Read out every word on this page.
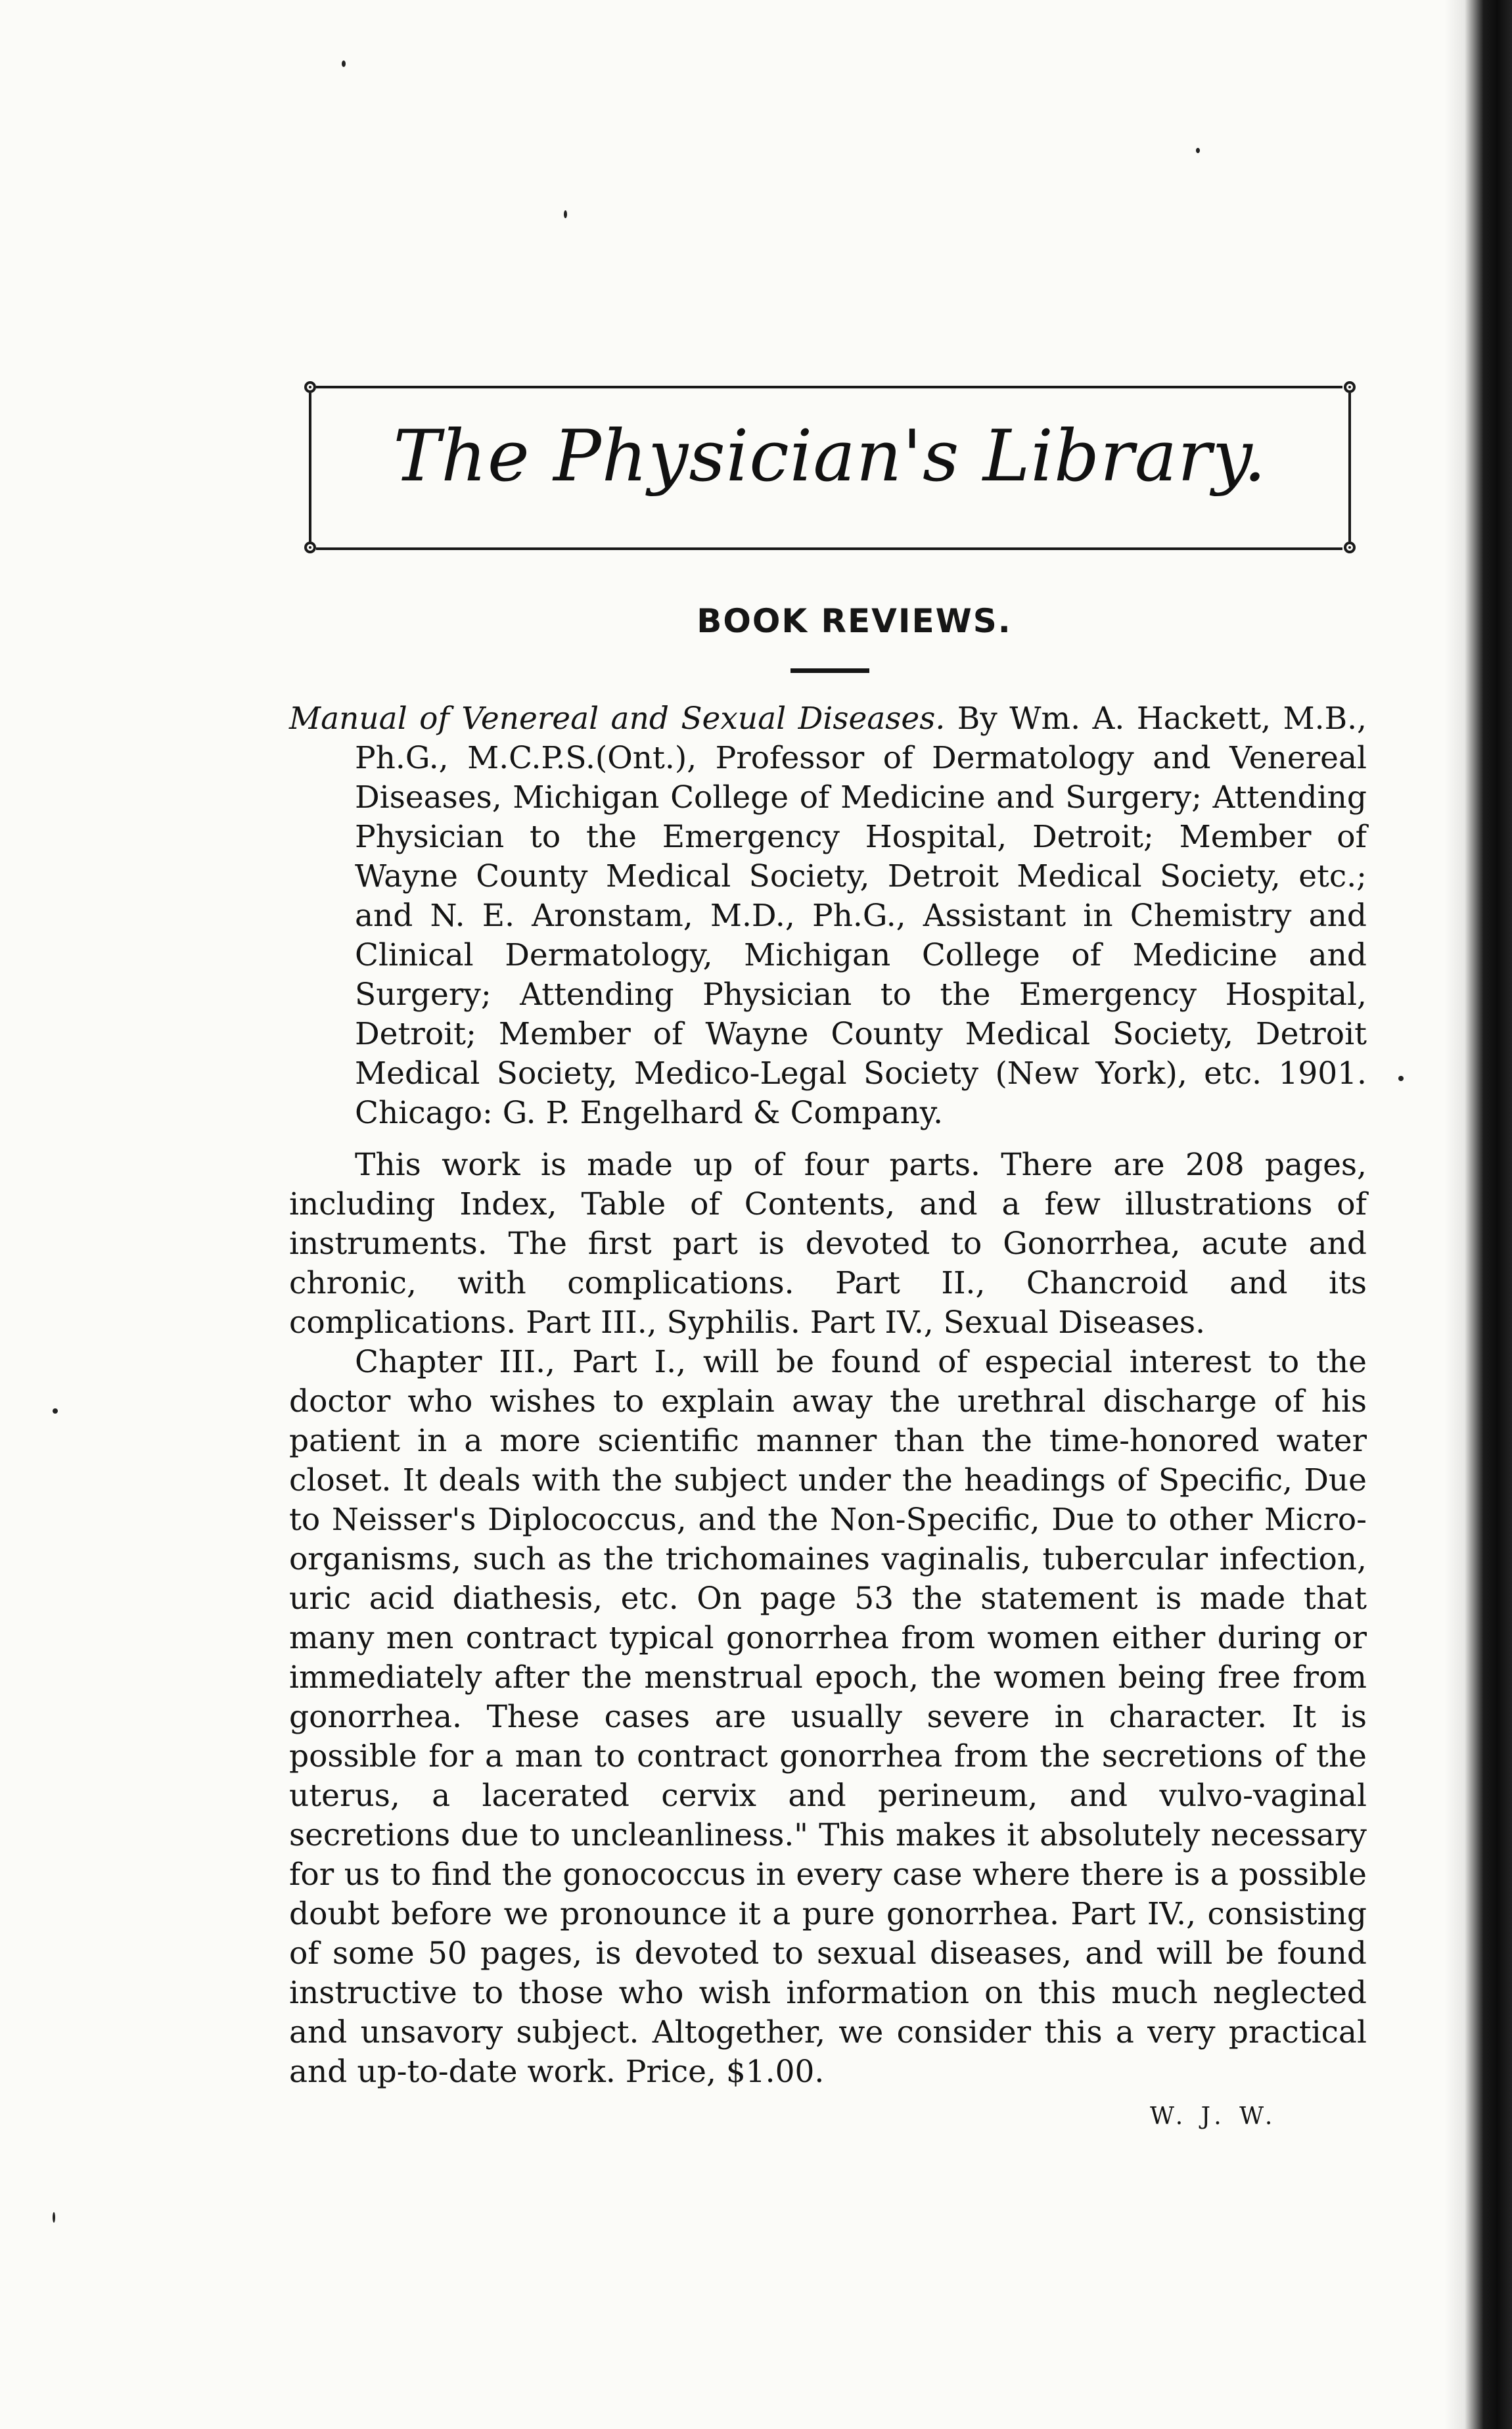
The Physician's Library.
BOOK REVIEWS.
Manual of Venereal and Sexual Diseases. By Wm. A. Hackett, M.B., Ph.G., M.C.P.S.(Ont.), Professor of Dermatology and Venereal Diseases, Michigan College of Medicine and Surgery; Attending Physician to the Emergency Hospital, Detroit; Member of Wayne County Medical Society, Detroit Medical Society, etc.; and N. E. Aronstam, M.D., Ph.G., Assistant in Chemistry and Clinical Dermatology, Michigan College of Medicine and Surgery; Attending Physician to the Emergency Hospital, Detroit; Member of Wayne County Medical Society, Detroit Medical Society, Medico-Legal Society (New York), etc. 1901. Chicago: G. P. Engelhard & Company.

This work is made up of four parts. There are 208 pages, including Index, Table of Contents, and a few illustrations of instruments. The first part is devoted to Gonorrhea, acute and chronic, with complications. Part II., Chancroid and its complications. Part III., Syphilis. Part IV., Sexual Diseases.

Chapter III., Part I., will be found of especial interest to the doctor who wishes to explain away the urethral discharge of his patient in a more scientific manner than the time-honored water closet. It deals with the subject under the headings of Specific, Due to Neisser's Diplococcus, and the Non-Specific, Due to other Micro-organisms, such as the trichomaines vaginalis, tubercular infection, uric acid diathesis, etc. On page 53 the statement is made that many men contract typical gonorrhea from women either during or immediately after the menstrual epoch, the women being free from gonorrhea. These cases are usually severe in character. It is possible for a man to contract gonorrhea from the secretions of the uterus, a lacerated cervix and perineum, and vulvo-vaginal secretions due to uncleanliness." This makes it absolutely necessary for us to find the gonococcus in every case where there is a possible doubt before we pronounce it a pure gonorrhea. Part IV., consisting of some 50 pages, is devoted to sexual diseases, and will be found instructive to those who wish information on this much neglected and unsavory subject. Altogether, we consider this a very practical and up-to-date work. Price, $1.00.

W. J. W.
